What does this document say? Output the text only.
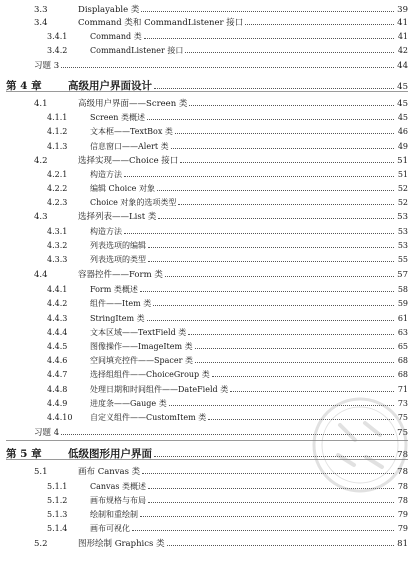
3.3	Displayable 类	39
3.4	Command 类和 CommandListener 接口	41
3.4.1	Command 类	41
3.4.2	CommandListener 接口	42
习题 3	44
第 4 章	高级用户界面设计	45
4.1	高级用户界面——Screen 类	45
4.1.1	Screen 类概述	45
4.1.2	文本框——TextBox 类	46
4.1.3	信息窗口——Alert 类	49
4.2	选择实现——Choice 接口	51
4.2.1	构造方法	51
4.2.2	编辑 Choice 对象	52
4.2.3	Choice 对象的选项类型	52
4.3	选择列表——List 类	53
4.3.1	构造方法	53
4.3.2	列表选项的编辑	53
4.3.3	列表选项的类型	55
4.4	容器控件——Form 类	57
4.4.1	Form 类概述	58
4.4.2	组件——Item 类	59
4.4.3	StringItem 类	61
4.4.4	文本区域——TextField 类	63
4.4.5	图像操作——ImageItem 类	65
4.4.6	空间填充控件——Spacer 类	68
4.4.7	选择组组件——ChoiceGroup 类	68
4.4.8	处理日期和时间组件——DateField 类	71
4.4.9	进度条——Gauge 类	73
4.4.10	自定义组件——CustomItem 类	75
习题 4	75
第 5 章	低级图形用户界面	78
5.1	画布 Canvas 类	78
5.1.1	Canvas 类概述	78
5.1.2	画布规格与布局	78
5.1.3	绘制和重绘制	79
5.1.4	画布可视化	79
5.2	图形绘制 Graphics 类	81
